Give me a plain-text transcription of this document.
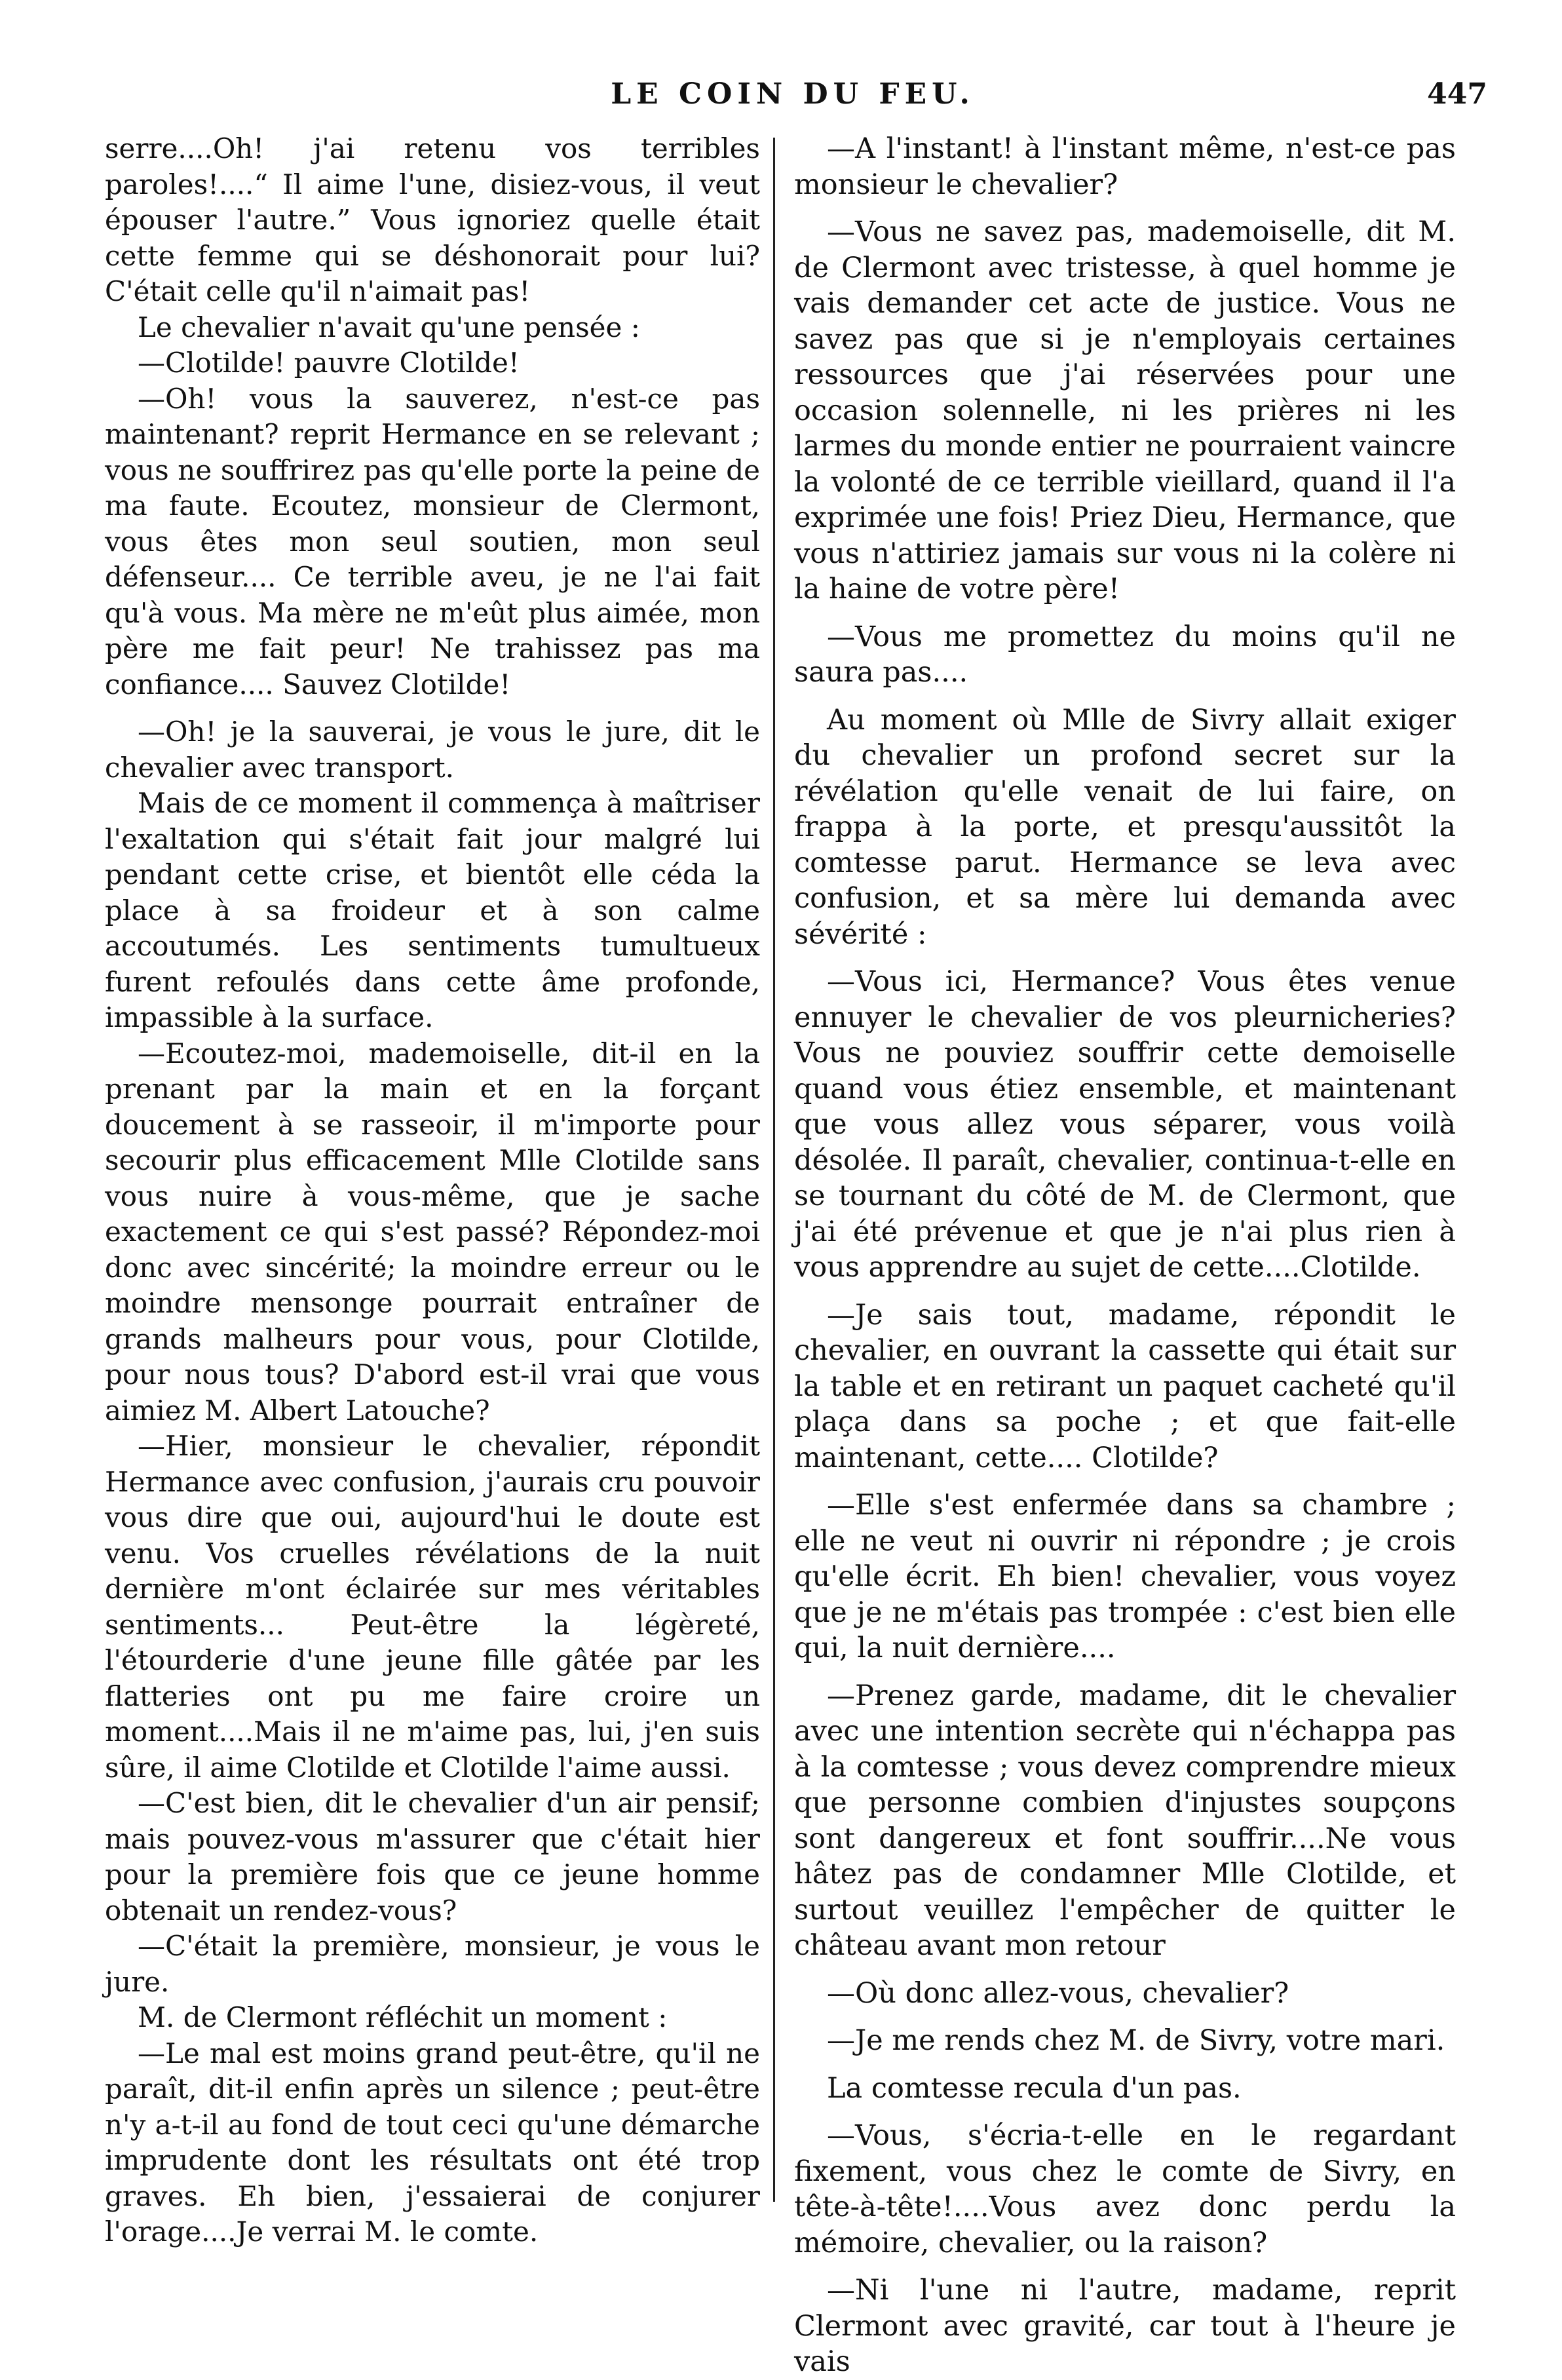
LE COIN DU FEU.	447

serre....Oh! j'ai retenu vos terribles paroles!....“ Il aime l'une, disiez-vous, il veut épouser l'autre.” Vous ignoriez quelle était cette femme qui se déshonorait pour lui? C'était celle qu'il n'aimait pas!

Le chevalier n'avait qu'une pensée :

—Clotilde! pauvre Clotilde!

—Oh! vous la sauverez, n'est-ce pas maintenant? reprit Hermance en se relevant ; vous ne souffrirez pas qu'elle porte la peine de ma faute. Ecoutez, monsieur de Clermont, vous êtes mon seul soutien, mon seul défenseur.... Ce terrible aveu, je ne l'ai fait qu'à vous. Ma mère ne m'eût plus aimée, mon père me fait peur! Ne trahissez pas ma confiance.... Sauvez Clotilde!

—Oh! je la sauverai, je vous le jure, dit le chevalier avec transport.

Mais de ce moment il commença à maîtriser l'exaltation qui s'était fait jour malgré lui pendant cette crise, et bientôt elle céda la place à sa froideur et à son calme accoutumés. Les sentiments tumultueux furent refoulés dans cette âme profonde, impassible à la surface.

—Ecoutez-moi, mademoiselle, dit-il en la prenant par la main et en la forçant doucement à se rasseoir, il m'importe pour secourir plus efficacement Mlle Clotilde sans vous nuire à vous-même, que je sache exactement ce qui s'est passé? Répondez-moi donc avec sincérité; la moindre erreur ou le moindre mensonge pourrait entraîner de grands malheurs pour vous, pour Clotilde, pour nous tous? D'abord est-il vrai que vous aimiez M. Albert Latouche?

—Hier, monsieur le chevalier, répondit Hermance avec confusion, j'aurais cru pouvoir vous dire que oui, aujourd'hui le doute est venu. Vos cruelles révélations de la nuit dernière m'ont éclairée sur mes véritables sentiments... Peut-être la légèreté, l'étourderie d'une jeune fille gâtée par les flatteries ont pu me faire croire un moment....Mais il ne m'aime pas, lui, j'en suis sûre, il aime Clotilde et Clotilde l'aime aussi.

—C'est bien, dit le chevalier d'un air pensif; mais pouvez-vous m'assurer que c'était hier pour la première fois que ce jeune homme obtenait un rendez-vous?

—C'était la première, monsieur, je vous le jure.

M. de Clermont réfléchit un moment :

—Le mal est moins grand peut-être, qu'il ne paraît, dit-il enfin après un silence ; peut-être n'y a-t-il au fond de tout ceci qu'une démarche imprudente dont les résultats ont été trop graves. Eh bien, j'essaierai de conjurer l'orage....Je verrai M. le comte.

—A l'instant! à l'instant même, n'est-ce pas monsieur le chevalier?

—Vous ne savez pas, mademoiselle, dit M. de Clermont avec tristesse, à quel homme je vais demander cet acte de justice. Vous ne savez pas que si je n'employais certaines ressources que j'ai réservées pour une occasion solennelle, ni les prières ni les larmes du monde entier ne pourraient vaincre la volonté de ce terrible vieillard, quand il l'a exprimée une fois! Priez Dieu, Hermance, que vous n'attiriez jamais sur vous ni la colère ni la haine de votre père!

—Vous me promettez du moins qu'il ne saura pas....

Au moment où Mlle de Sivry allait exiger du chevalier un profond secret sur la révélation qu'elle venait de lui faire, on frappa à la porte, et presqu'aussitôt la comtesse parut. Hermance se leva avec confusion, et sa mère lui demanda avec sévérité :

—Vous ici, Hermance? Vous êtes venue ennuyer le chevalier de vos pleurnicheries? Vous ne pouviez souffrir cette demoiselle quand vous étiez ensemble, et maintenant que vous allez vous séparer, vous voilà désolée. Il paraît, chevalier, continua-t-elle en se tournant du côté de M. de Clermont, que j'ai été prévenue et que je n'ai plus rien à vous apprendre au sujet de cette....Clotilde.

—Je sais tout, madame, répondit le chevalier, en ouvrant la cassette qui était sur la table et en retirant un paquet cacheté qu'il plaça dans sa poche ; et que fait-elle maintenant, cette.... Clotilde?

—Elle s'est enfermée dans sa chambre ; elle ne veut ni ouvrir ni répondre ; je crois qu'elle écrit. Eh bien! chevalier, vous voyez que je ne m'étais pas trompée : c'est bien elle qui, la nuit dernière....

—Prenez garde, madame, dit le chevalier avec une intention secrète qui n'échappa pas à la comtesse ; vous devez comprendre mieux que personne combien d'injustes soupçons sont dangereux et font souffrir....Ne vous hâtez pas de condamner Mlle Clotilde, et surtout veuillez l'empêcher de quitter le château avant mon retour

—Où donc allez-vous, chevalier?

—Je me rends chez M. de Sivry, votre mari.

La comtesse recula d'un pas.

—Vous, s'écria-t-elle en le regardant fixement, vous chez le comte de Sivry, en tête-à-tête!....Vous avez donc perdu la mémoire, chevalier, ou la raison?

—Ni l'une ni l'autre, madame, reprit Clermont avec gravité, car tout à l'heure je vais
